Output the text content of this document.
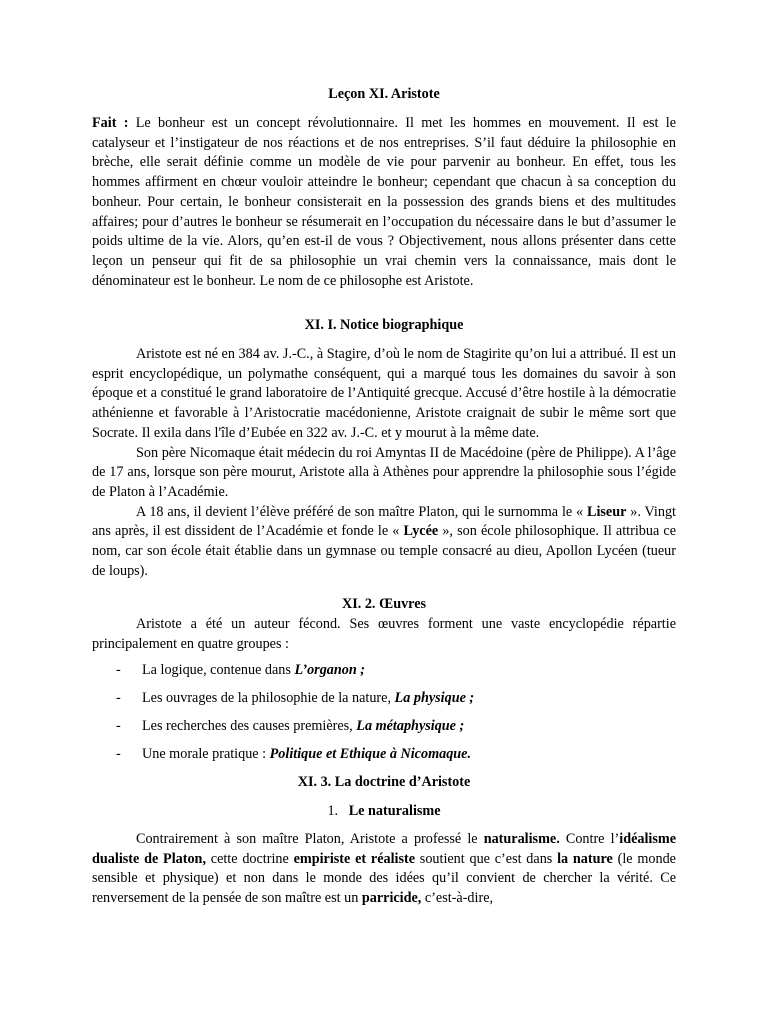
Leçon XI. Aristote

Fait : Le bonheur est un concept révolutionnaire. Il met les hommes en mouvement. Il est le catalyseur et l’instigateur de nos réactions et de nos entreprises. S’il faut déduire la philosophie en brèche, elle serait définie comme un modèle de vie pour parvenir au bonheur. En effet, tous les hommes affirment en chœur vouloir atteindre le bonheur; cependant que chacun à sa conception du bonheur. Pour certain, le bonheur consisterait en la possession des grands biens et des multitudes affaires; pour d’autres le bonheur se résumerait en l’occupation du nécessaire dans le but d’assumer le poids ultime de la vie. Alors, qu’en est-il de vous ? Objectivement, nous allons présenter dans cette leçon un penseur qui fit de sa philosophie un vrai chemin vers la connaissance, mais dont le dénominateur est le bonheur. Le nom de ce philosophe est Aristote.

XI. I. Notice biographique

Aristote est né en 384 av. J.-C., à Stagire, d’où le nom de Stagirite qu’on lui a attribué. Il est un esprit encyclopédique, un polymathe conséquent, qui a marqué tous les domaines du savoir à son époque et a constitué le grand laboratoire de l’Antiquité grecque. Accusé d’être hostile à la démocratie athénienne et favorable à l’Aristocratie macédonienne, Aristote craignait de subir le même sort que Socrate. Il exila dans l'île d’Eubée en 322 av. J.-C. et y mourut à la même date.

Son père Nicomaque était médecin du roi Amyntas II de Macédoine (père de Philippe). A l’âge de 17 ans, lorsque son père mourut, Aristote alla à Athènes pour apprendre la philosophie sous l’égide de Platon à l’Académie.

A 18 ans, il devient l’élève préféré de son maître Platon, qui le surnomma le « Liseur ». Vingt ans après, il est dissident de l’Académie et fonde le « Lycée », son école philosophique. Il attribua ce nom, car son école était établie dans un gymnase ou temple consacré au dieu, Apollon Lycéen (tueur de loups).

XI. 2. Œuvres

Aristote a été un auteur fécond. Ses œuvres forment une vaste encyclopédie répartie principalement en quatre groupes :

- La logique, contenue dans L’organon ;
- Les ouvrages de la philosophie de la nature, La physique ;
- Les recherches des causes premières, La métaphysique ;
- Une morale pratique : Politique et Ethique à Nicomaque.
XI. 3. La doctrine d’Aristote
1. Le naturalisme

Contrairement à son maître Platon, Aristote a professé le naturalisme. Contre l’idéalisme dualiste de Platon, cette doctrine empiriste et réaliste soutient que c’est dans la nature (le monde sensible et physique) et non dans le monde des idées qu’il convient de chercher la vérité. Ce renversement de la pensée de son maître est un parricide, c’est-à-dire,
